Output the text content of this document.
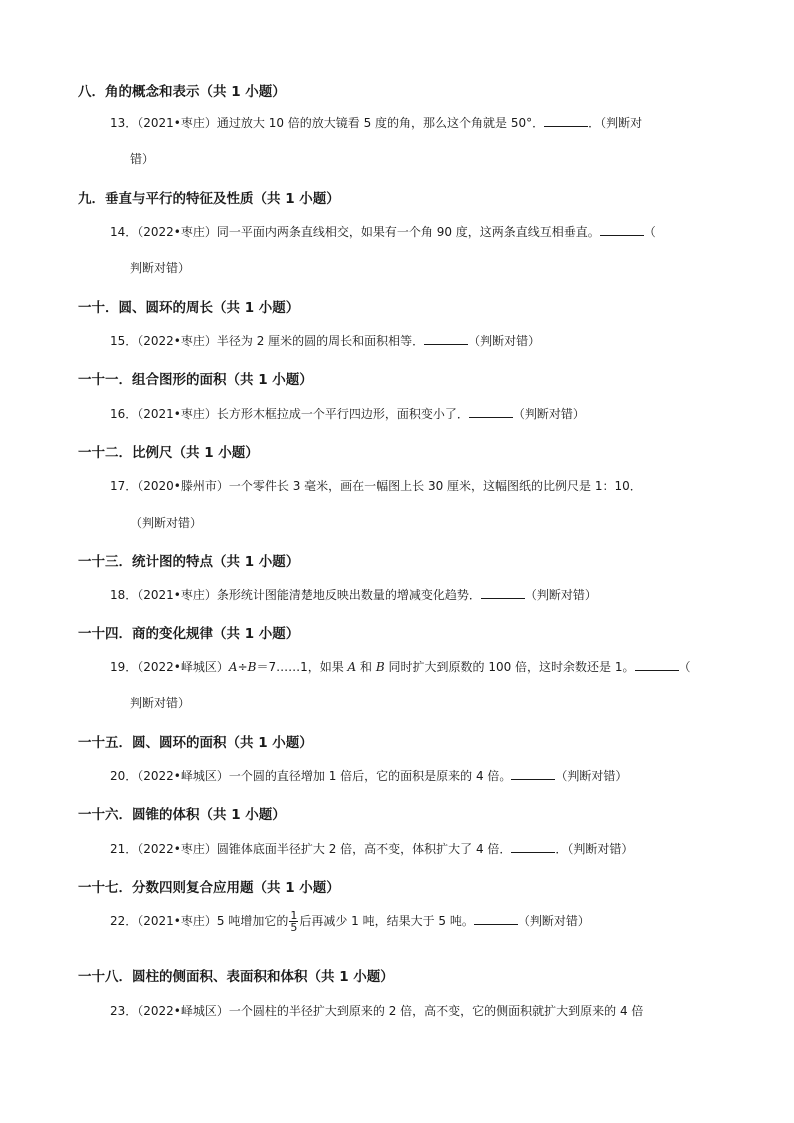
八．角的概念和表示（共 1 小题）
13．（2021•枣庄）通过放大 10 倍的放大镜看 5 度的角，那么这个角就是 50°．	．（判断对
错）
九．垂直与平行的特征及性质（共 1 小题）
14．（2022•枣庄）同一平面内两条直线相交，如果有一个角 90 度，这两条直线互相垂直。	（
判断对错）
一十．圆、圆环的周长（共 1 小题）
15．（2022•枣庄）半径为 2 厘米的圆的周长和面积相等．	（判断对错）
一十一．组合图形的面积（共 1 小题）
16．（2021•枣庄）长方形木框拉成一个平行四边形，面积变小了．	（判断对错）
一十二．比例尺（共 1 小题）
17．（2020•滕州市）一个零件长 3 毫米，画在一幅图上长 30 厘米，这幅图纸的比例尺是 1：10．
（判断对错）
一十三．统计图的特点（共 1 小题）
18．（2021•枣庄）条形统计图能清楚地反映出数量的增减变化趋势．	（判断对错）
一十四．商的变化规律（共 1 小题）
19．（2022•峄城区）A÷B＝7……1，如果 A 和 B 同时扩大到原数的 100 倍，这时余数还是 1。	（
判断对错）
一十五．圆、圆环的面积（共 1 小题）
20．（2022•峄城区）一个圆的直径增加 1 倍后，它的面积是原来的 4 倍。	（判断对错）
一十六．圆锥的体积（共 1 小题）
21．（2022•枣庄）圆锥体底面半径扩大 2 倍，高不变，体积扩大了 4 倍．	．（判断对错）
一十七．分数四则复合应用题（共 1 小题）
22．（2021•枣庄）5 吨增加它的 $\frac{1}{5}$ 后再减少 1 吨，结果大于 5 吨。	（判断对错）
一十八．圆柱的侧面积、表面积和体积（共 1 小题）
23．（2022•峄城区）一个圆柱的半径扩大到原来的 2 倍，高不变，它的侧面积就扩大到原来的 4 倍
